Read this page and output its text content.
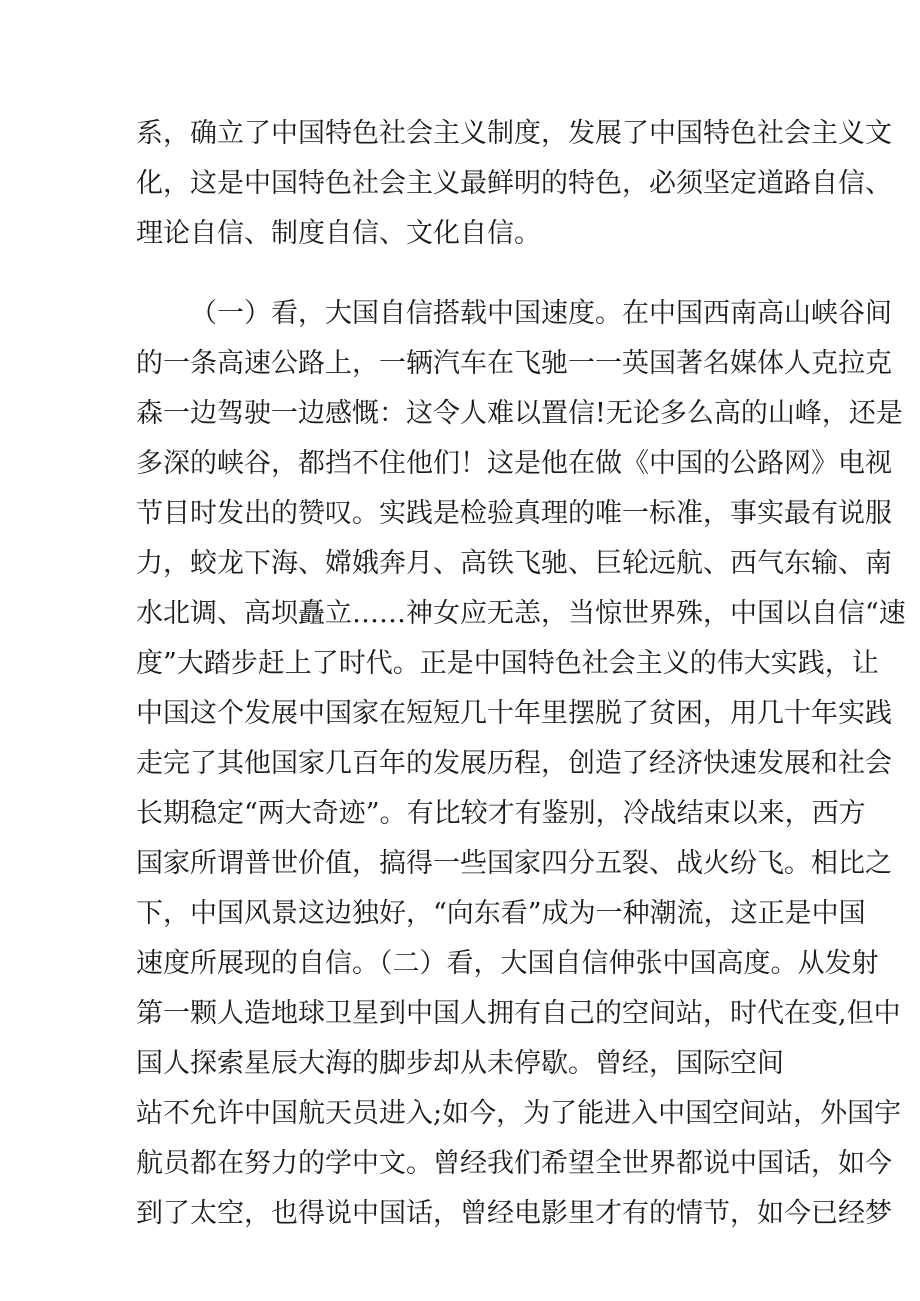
系，确立了中国特色社会主义制度，发展了中国特色社会主义文
化，这是中国特色社会主义最鲜明的特色，必须坚定道路自信、
理论自信、制度自信、文化自信。
（一）看，大国自信搭载中国速度。在中国西南高山峡谷间
的一条高速公路上，一辆汽车在飞驰一一英国著名媒体人克拉克
森一边驾驶一边感慨：这令人难以置信!无论多么高的山峰，还是
多深的峡谷，都挡不住他们！这是他在做《中国的公路网》电视
节目时发出的赞叹。实践是检验真理的唯一标准，事实最有说服
力，蛟龙下海、嫦娥奔月、高铁飞驰、巨轮远航、西气东输、南
水北调、高坝矗立……神女应无恙，当惊世界殊，中国以自信“速
度”大踏步赶上了时代。正是中国特色社会主义的伟大实践，让
中国这个发展中国家在短短几十年里摆脱了贫困，用几十年实践
走完了其他国家几百年的发展历程，创造了经济快速发展和社会
长期稳定“两大奇迹”。有比较才有鉴别，冷战结束以来，西方
国家所谓普世价值，搞得一些国家四分五裂、战火纷飞。相比之
下，中国风景这边独好，“向东看”成为一种潮流，这正是中国
速度所展现的自信。（二）看，大国自信伸张中国高度。从发射
第一颗人造地球卫星到中国人拥有自己的空间站，时代在变,但中
国人探索星辰大海的脚步却从未停歇。曾经，国际空间
站不允许中国航天员进入;如今，为了能进入中国空间站，外国宇
航员都在努力的学中文。曾经我们希望全世界都说中国话，如今
到了太空，也得说中国话，曾经电影里才有的情节，如今已经梦
